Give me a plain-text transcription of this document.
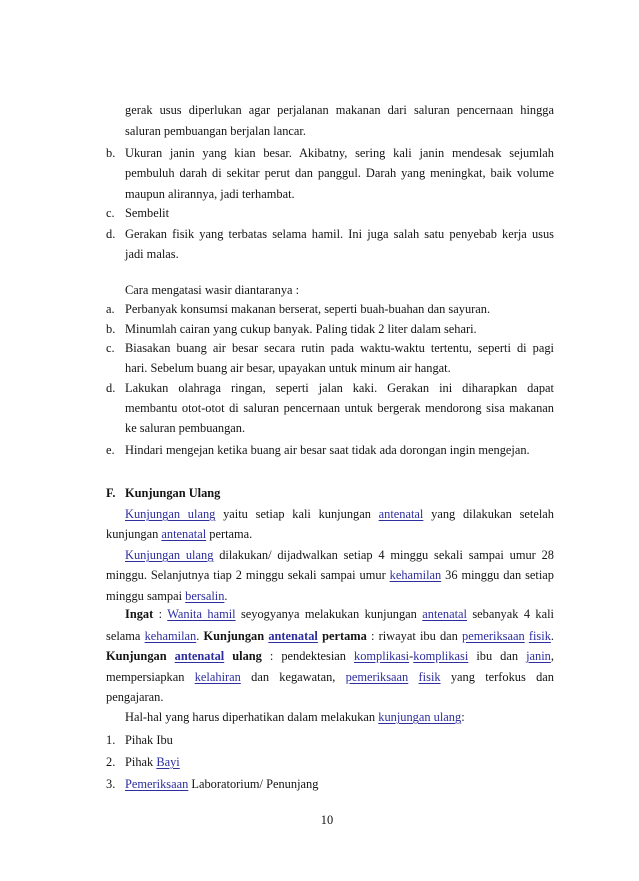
gerak usus diperlukan agar perjalanan makanan dari saluran pencernaan hingga
saluran pembuangan berjalan lancar.
b. Ukuran janin yang kian besar. Akibatny, sering kali janin mendesak sejumlah
pembuluh darah di sekitar perut dan panggul. Darah yang meningkat, baik volume
maupun alirannya, jadi terhambat.
c. Sembelit
d. Gerakan fisik yang terbatas selama hamil. Ini juga salah satu penyebab kerja usus
jadi malas.
Cara mengatasi wasir diantaranya :
a. Perbanyak konsumsi makanan berserat, seperti buah-buahan dan sayuran.
b. Minumlah cairan yang cukup banyak. Paling tidak 2 liter dalam sehari.
c. Biasakan buang air besar secara rutin pada waktu-waktu tertentu, seperti di pagi
hari. Sebelum buang air besar, upayakan untuk minum air hangat.
d. Lakukan olahraga ringan, seperti jalan kaki. Gerakan ini diharapkan dapat
membantu otot-otot di saluran pencernaan untuk bergerak mendorong sisa makanan
ke saluran pembuangan.
e. Hindari mengejan ketika buang air besar saat tidak ada dorongan ingin mengejan.
F. Kunjungan Ulang
Kunjungan ulang yaitu setiap kali kunjungan antenatal yang dilakukan setelah
kunjungan antenatal pertama.
Kunjungan ulang dilakukan/ dijadwalkan setiap 4 minggu sekali sampai umur 28
minggu. Selanjutnya tiap 2 minggu sekali sampai umur kehamilan 36 minggu dan setiap
minggu sampai bersalin.
Ingat : Wanita hamil seyogyanya melakukan kunjungan antenatal sebanyak 4 kali
selama kehamilan. Kunjungan antenatal pertama : riwayat ibu dan pemeriksaan fisik.
Kunjungan antenatal ulang : pendektesian komplikasi-komplikasi ibu dan janin,
mempersiapkan kelahiran dan kegawatan, pemeriksaan fisik yang terfokus dan
pengajaran.
Hal-hal yang harus diperhatikan dalam melakukan kunjungan ulang:
1. Pihak Ibu
2. Pihak Bayi
3. Pemeriksaan Laboratorium/ Penunjang
10
